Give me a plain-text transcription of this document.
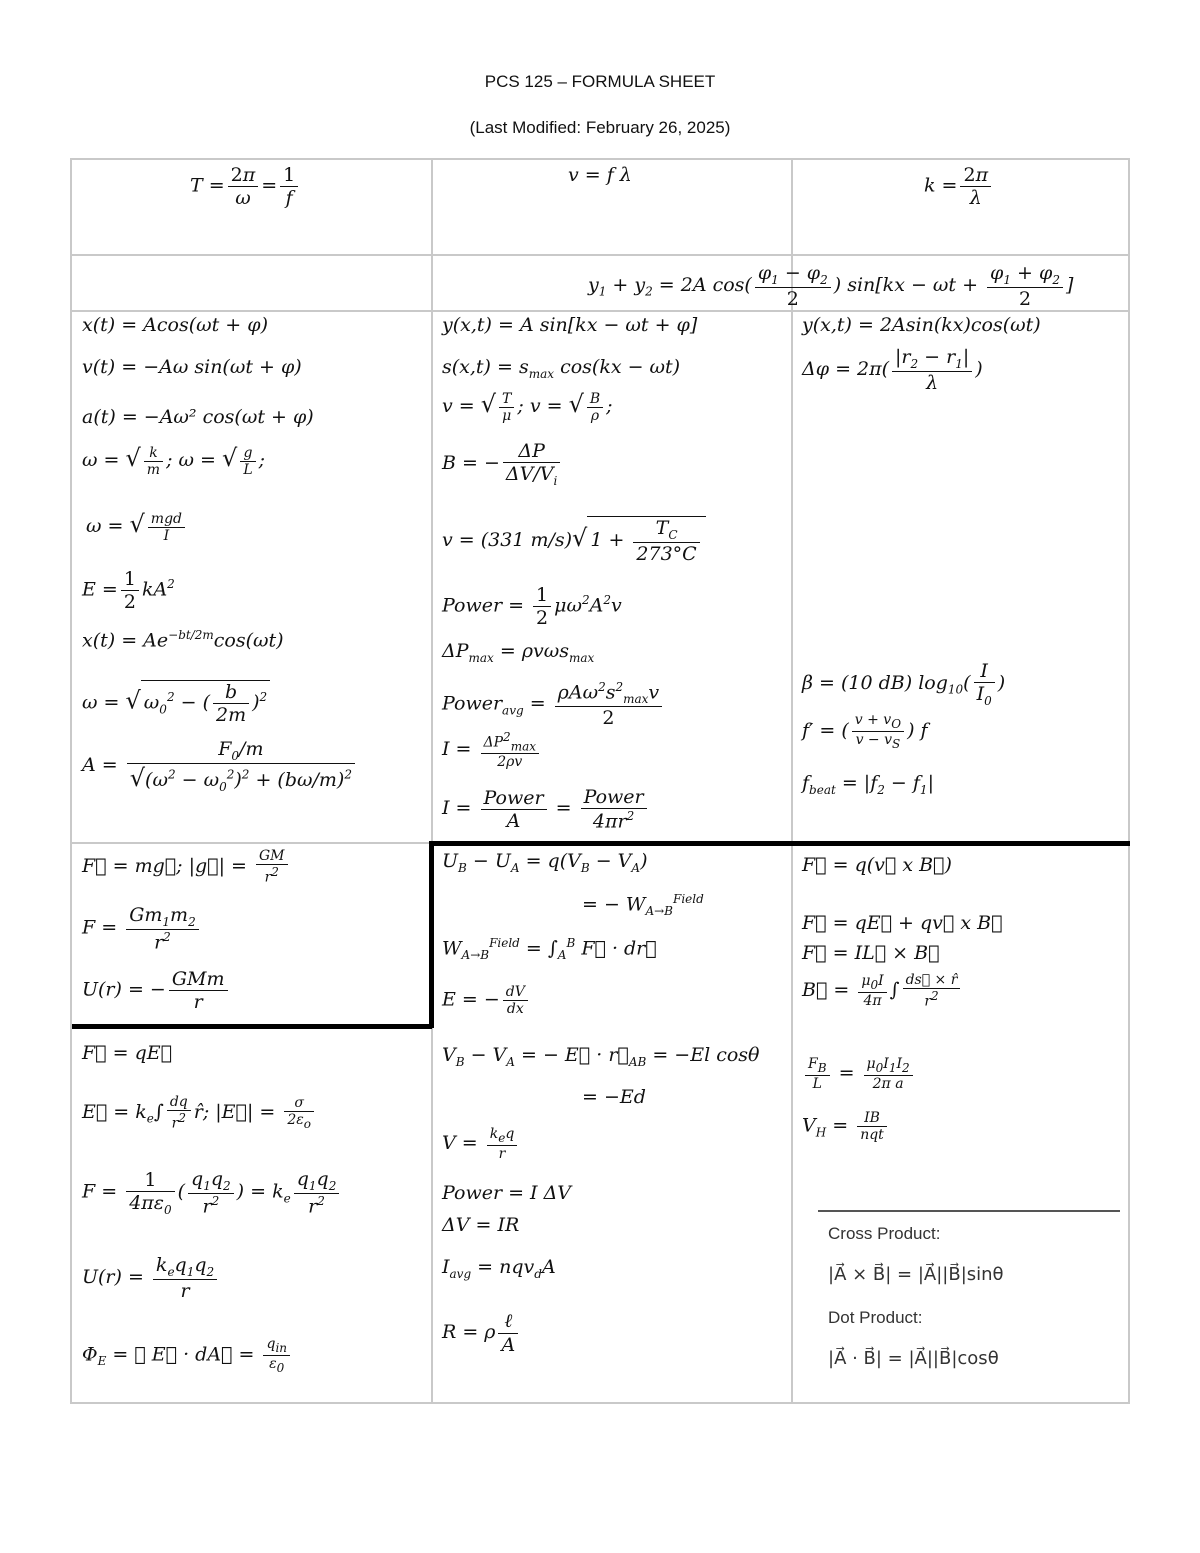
PCS 125 – FORMULA SHEET
(Last Modified: February 26, 2025)
$T = \frac{2\pi}{\omega} = \frac{1}{f}$	v = f λ	$k = \frac{2\pi}{\lambda}$
$y_1 + y_2 = 2A$ $\cos( \frac{\varphi_1 - \varphi_2}{2}$ ) $\sin[kx - \omega t + \frac{\varphi_1 + \varphi_2}{2}$ ]
x(t) = Acos(ωt + φ)
v(t) = −Aω sin(ωt + φ)
a(t) = −Aω² cos(ωt + φ)
ω = √ $\frac{k}{m}$ ; ω = √ $\frac{g}{L}$ ;
ω = √ mgd
I
$E = \frac{1}{2} kA^2$
$x(t) = Ae^{-bt/2m}\cos(\omega t)$
ω = √ $\omega_0^2$ − ( $\frac{b}{2m} )^2$
$A = \frac{F_0/m}{√(\omega^2 - \omega_0^2)^2 + (b\omega/m)^2}$
y(x,t) = A sin[kx − ωt + φ]
$s(x,t) = s_{max}$ cos(kx − ωt)
v = √ $\frac{T}{\mu}$ ; v = √ $\frac{B}{\rho}$ ;
B = − $\frac{\Delta P}{\Delta V/V_i}$
v = (331 m/s)√ $1 + \frac{T_C}{273^\circ C}$
Power = $\frac{1}{2} \mu\omega^2A^2v$
$\Delta P_{max} = \rho v\omega s_{max}$
Power$_{avg}$ =
$\rho A\omega^2s^2_{max}v$
2
$I = \Delta P^2_{max}$
2ρv
I = Power
A
=
Power
$4\pi r^2$
y(x,t) = 2Asin(kx)cos(ωt)
$\Delta\varphi = 2\pi( \frac{|r_2 - r_1|}{\lambda}$ )
β = (10 dB) $\log_{10}( \frac{I}{I_0}$ )
f′ = ( $\frac{v + v_O}{v - v_S}$ ) f
$f_{beat} = |f_2 - f_1|$
F⃗ = mg⃗; |g⃗| = $\frac{GM}{r^2}$
$F = \frac{Gm_1m_2}{r^2}$
U(r) = − GMm
r
$U_B - U_A = q(V_B - V_A)$
= − $W_{A\to B}^{Field}$
$W_{A\to B}^{Field} = \int_A^B$ F⃗ · dr⃗
E = − $\frac{dV}{dx}$
$V_B - V_A$ = − E⃗ · $r⃗_{AB} = -El$ cosθ
= −Ed
$V = k_eq$
r
Power = I ΔV
ΔV = IR
$I_{avg} = nqv_dA$
R = ρ ℓ
A
F⃗ = qE⃗
E⃗ = $k_e\int \frac{dq}{r^2}$ r̂; |E⃗| = $\frac{\sigma}{2\varepsilon_o}$
$F = \frac{1}{4\pi\varepsilon_0}$ ( $\frac{q_1q_2}{r^2}$ ) = $k_e \frac{q_1q_2}{r^2}$
U(r) =
$k_eq_1q_2$
r
$\Phi_E$ = ∮ E⃗ · dA⃗ = $q_{in}$
$\varepsilon_0$
F⃗ = q(v⃗ x B⃗)
F⃗ = qE⃗ + qv⃗ x B⃗
F⃗ = IL⃗ × B⃗
B⃗ = $\frac{\mu_0I}{4\pi}$ ∫ $\frac{ds⃗ \times r̂}{r^2}$
$\frac{F_B}{L} = \frac{\mu_0I_1I_2}{\text{2π a}}$
$V_H$ = IB
nqt
Cross Product:
|A⃗ × B⃗| = |A⃗||B⃗|sinθ
Dot Product:
|A⃗ · B⃗| = |A⃗||B⃗|cosθ
